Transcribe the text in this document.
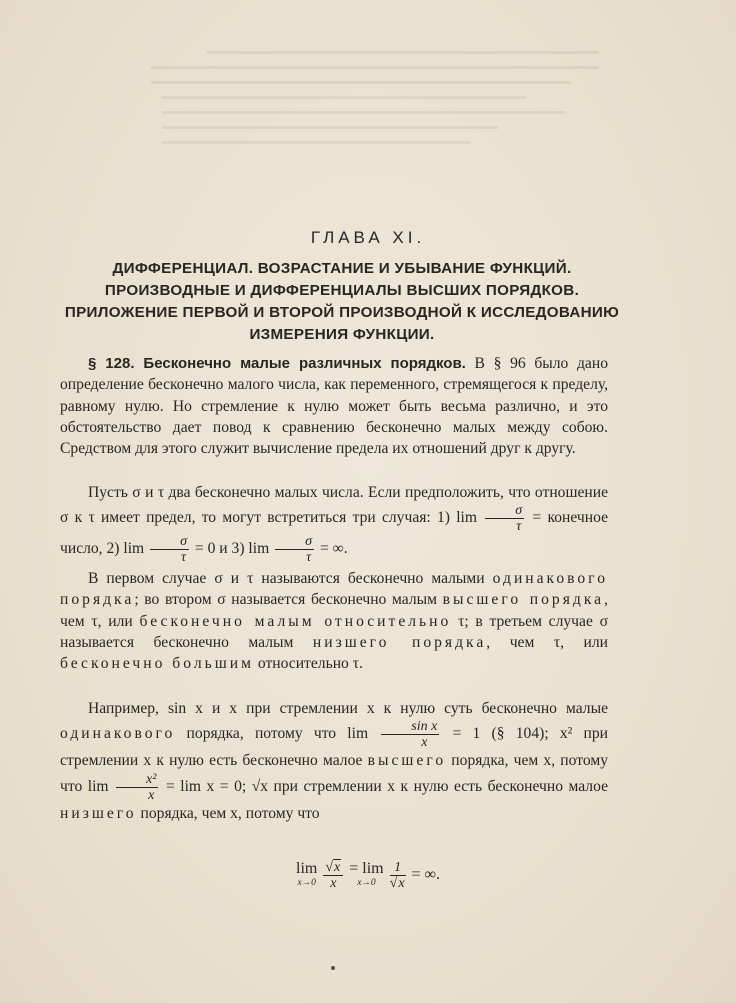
ГЛАВА XI.
ДИФФЕРЕНЦИАЛ. ВОЗРАСТАНИЕ И УБЫВАНИЕ ФУНКЦИЙ. ПРОИЗВОДНЫЕ И ДИФФЕРЕНЦИАЛЫ ВЫСШИХ ПОРЯДКОВ. ПРИЛОЖЕНИЕ ПЕРВОЙ И ВТОРОЙ ПРОИЗВОДНОЙ К ИССЛЕДОВАНИЮ ИЗМЕРЕНИЯ ФУНКЦИИ.
§ 128. Бесконечно малые различных порядков. В § 96 было дано определение бесконечно малого числа, как переменного, стремящегося к пределу, равному нулю. Но стремление к нулю может быть весьма различно, и это обстоятельство дает повод к сравнению бесконечно малых между собою. Средством для этого служит вычисление предела их отношений друг к другу.
Пусть σ и τ два бесконечно малых числа. Если предположить, что отношение σ к τ имеет предел, то могут встретиться три случая: 1) $\lim \frac{\sigma}{\tau}$ = конечное число, 2) $\lim \frac{\sigma}{\tau} = 0$ и 3) $\lim \frac{\sigma}{\tau}$ = ∞.
В первом случае σ и τ называются бесконечно малыми одинакового порядка; во втором σ называется бесконечно малым высшего порядка, чем τ, или бесконечно малым относительно τ; в третьем случае σ называется бесконечно малым низшего порядка, чем τ, или бесконечно большим относительно τ.
Например, sin x и x при стремлении x к нулю суть бесконечно малые одинакового порядка, потому что $\lim \frac{\text{sin x}}{x} = 1$ (§ 104); x² при стремлении x к нулю есть бесконечно малое высшего порядка, чем x, потому что $\lim \frac{\text{x²}}{x} = \lim x = 0$; √x при стремлении x к нулю есть бесконечно малое низшего порядка, чем x, потому что
lim
x→0
$\frac{√x}{x} = \lim$
x→0
$\frac{1}{√x}$ = ∞.
